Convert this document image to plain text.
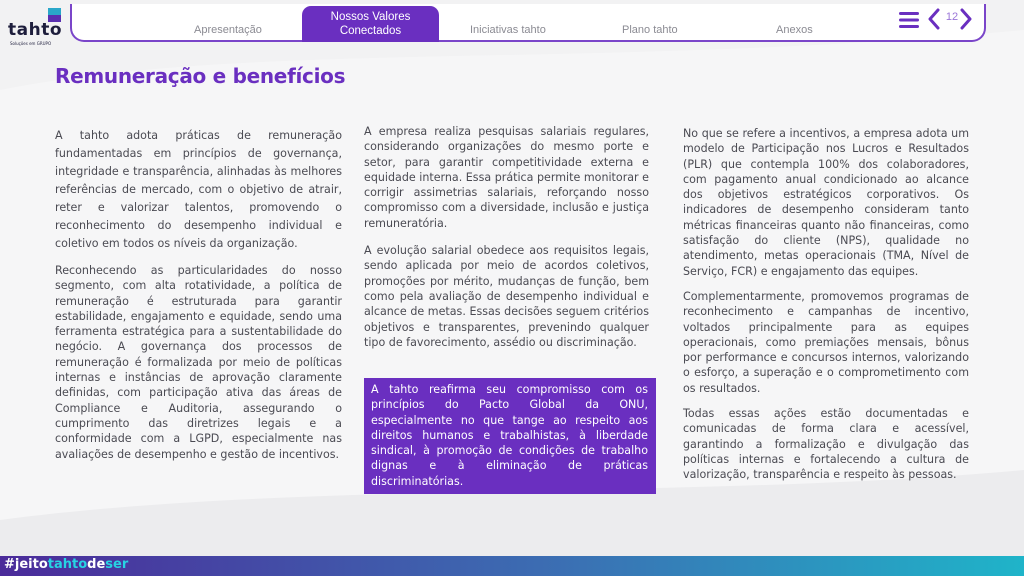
tahto
Soluções em GRUPO
Apresentação	Iniciativas tahto	Plano tahto	Anexos
Nossos Valores
Conectados
12
Remuneração e benefícios

A tahto adota práticas de remuneração fundamentadas em princípios de governança, integridade e transparência, alinhadas às melhores referências de mercado, com o objetivo de atrair, reter e valorizar talentos, promovendo o reconhecimento do desempenho individual e coletivo em todos os níveis da organização.

Reconhecendo as particularidades do nosso segmento, com alta rotatividade, a política de remuneração é estruturada para garantir estabilidade, engajamento e equidade, sendo uma ferramenta estratégica para a sustentabilidade do negócio. A governança dos processos de remuneração é formalizada por meio de políticas internas e instâncias de aprovação claramente definidas, com participação ativa das áreas de Compliance e Auditoria, assegurando o cumprimento das diretrizes legais e a conformidade com a LGPD, especialmente nas avaliações de desempenho e gestão de incentivos.

A empresa realiza pesquisas salariais regulares, considerando organizações do mesmo porte e setor, para garantir competitividade externa e equidade interna. Essa prática permite monitorar e corrigir assimetrias salariais, reforçando nosso compromisso com a diversidade, inclusão e justiça remuneratória.

A evolução salarial obedece aos requisitos legais, sendo aplicada por meio de acordos coletivos, promoções por mérito, mudanças de função, bem como pela avaliação de desempenho individual e alcance de metas. Essas decisões seguem critérios objetivos e transparentes, prevenindo qualquer tipo de favorecimento, assédio ou discriminação.

A tahto reafirma seu compromisso com os princípios do Pacto Global da ONU, especialmente no que tange ao respeito aos direitos humanos e trabalhistas, à liberdade sindical, à promoção de condições de trabalho dignas e à eliminação de práticas discriminatórias.

No que se refere a incentivos, a empresa adota um modelo de Participação nos Lucros e Resultados (PLR) que contempla 100% dos colaboradores, com pagamento anual condicionado ao alcance dos objetivos estratégicos corporativos. Os indicadores de desempenho consideram tanto métricas financeiras quanto não financeiras, como satisfação do cliente (NPS), qualidade no atendimento, metas operacionais (TMA, Nível de Serviço, FCR) e engajamento das equipes.

Complementarmente, promovemos programas de reconhecimento e campanhas de incentivo, voltados principalmente para as equipes operacionais, como premiações mensais, bônus por performance e concursos internos, valorizando o esforço, a superação e o comprometimento com os resultados.

Todas essas ações estão documentadas e comunicadas de forma clara e acessível, garantindo a formalização e divulgação das políticas internas e fortalecendo a cultura de valorização, transparência e respeito às pessoas.

#jeitotahtodeser
